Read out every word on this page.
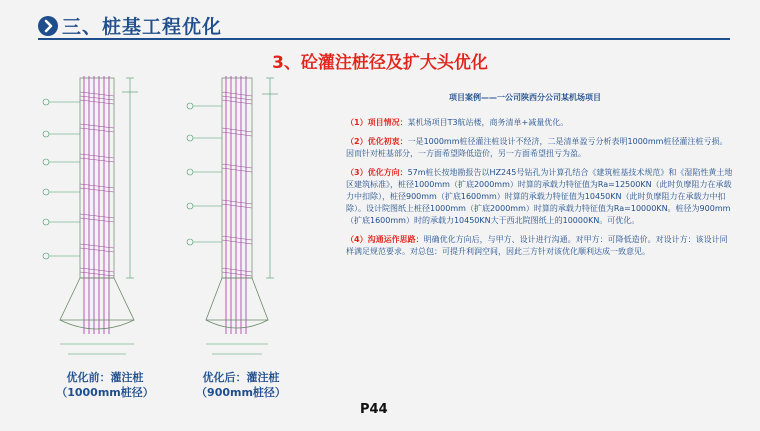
三、桩基工程优化
3、砼灌注桩径及扩大头优化
优化前：灌注桩
（1000mm桩径）
优化后：灌注桩
（900mm桩径）
项目案例——一公司陕西分公司某机场项目

（1）项目情况：某机场项目T3航站楼，商务清单+减量优化。

（2）优化初衷：一是1000mm桩径灌注桩设计不经济，二是清单盈亏分析表明1000mm桩径灌注桩亏损。因而针对桩基部分，一方面希望降低造价，另一方面希望扭亏为盈。

（3）优化方向：57m桩长按地勘报告以HZ245号钻孔为计算孔结合《建筑桩基技术规范》和《湿陷性黄土地区建筑标准》，桩径1000mm（扩底2000mm）时算的承载力特征值为Ra=12500KN（此时负摩阻力在承载力中扣除），桩径900mm（扩底1600mm）时算的承载力特征值为10450KN（此时负摩阻力在承载力中扣除）。设计院图纸上桩径1000mm（扩底2000mm）时算的承载力特征值为Ra=10000KN。桩径为900mm（扩底1600mm）时的承载力10450KN大于西北院图纸上的10000KN。可优化。

（4）沟通运作思路：明确优化方向后，与甲方、设计进行沟通。对甲方：可降低造价。对设计方：该设计同样满足规范要求。对总包：可提升利润空间，因此三方针对该优化顺利达成一致意见。

P44
